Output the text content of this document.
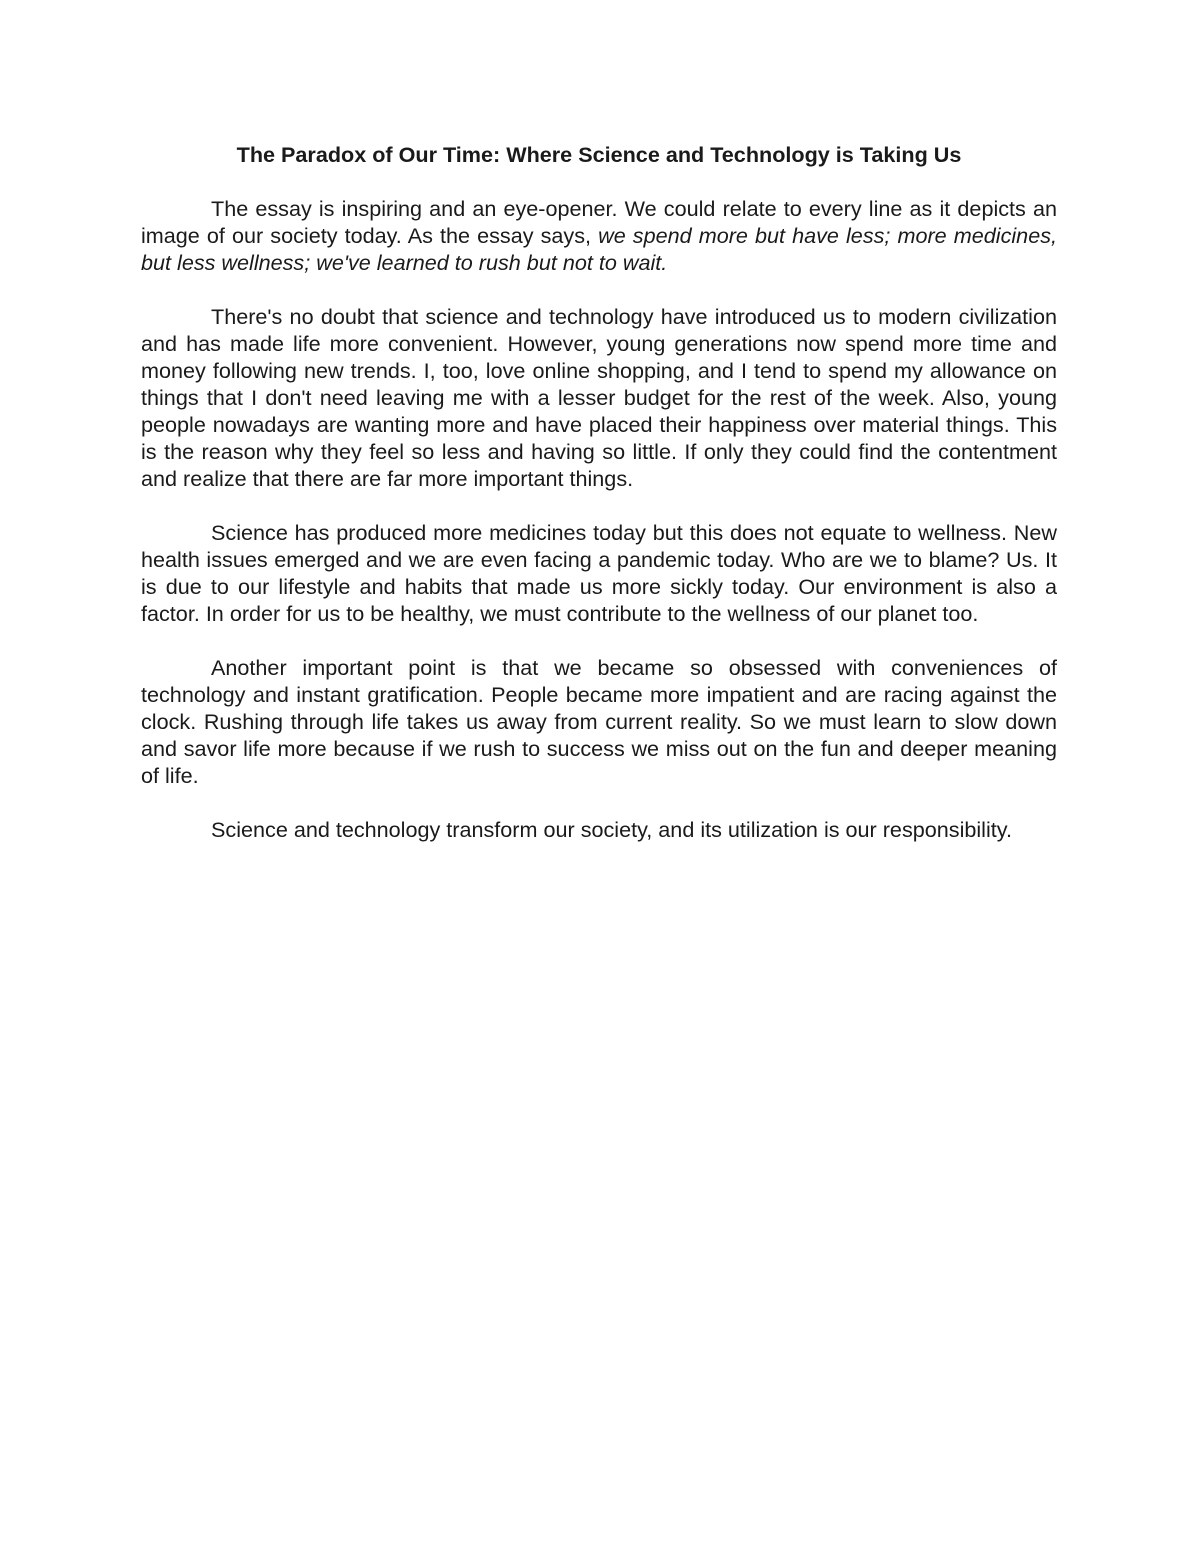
The Paradox of Our Time: Where Science and Technology is Taking Us

The essay is inspiring and an eye-opener. We could relate to every line as it depicts an image of our society today. As the essay says, we spend more but have less; more medicines, but less wellness; we've learned to rush but not to wait.

There's no doubt that science and technology have introduced us to modern civilization and has made life more convenient. However, young generations now spend more time and money following new trends. I, too, love online shopping, and I tend to spend my allowance on things that I don't need leaving me with a lesser budget for the rest of the week. Also, young people nowadays are wanting more and have placed their happiness over material things. This is the reason why they feel so less and having so little. If only they could find the contentment and realize that there are far more important things.

Science has produced more medicines today but this does not equate to wellness. New health issues emerged and we are even facing a pandemic today. Who are we to blame? Us. It is due to our lifestyle and habits that made us more sickly today. Our environment is also a factor. In order for us to be healthy, we must contribute to the wellness of our planet too.

Another important point is that we became so obsessed with conveniences of technology and instant gratification. People became more impatient and are racing against the clock. Rushing through life takes us away from current reality. So we must learn to slow down and savor life more because if we rush to success we miss out on the fun and deeper meaning of life.

Science and technology transform our society, and its utilization is our responsibility.
